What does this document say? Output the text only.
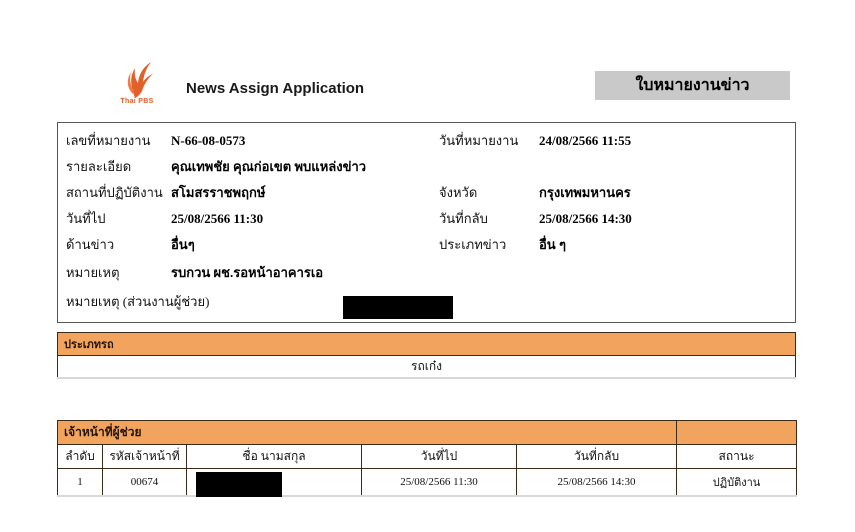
Thai PBS
News Assign Application	ใบหมายงานข่าว
เลขที่หมายงาน	N-66-08-0573	วันที่หมายงาน	24/08/2566 11:55
รายละเอียด	คุณเทพชัย คุณก่อเขต พบแหล่งข่าว
สถานที่ปฏิบัติงาน สโมสรราชพฤกษ์	จังหวัด	กรุงเทพมหานคร
วันที่ไป	25/08/2566 11:30	วันที่กลับ	25/08/2566 14:30
ด้านข่าว	อื่นๆ	ประเภทข่าว	อื่น ๆ
หมายเหตุ	รบกวน ผช.รอหน้าอาคารเอ
หมายเหตุ (ส่วนงานผู้ช่วย)
ประเภทรถ
รถเก๋ง
เจ้าหน้าที่ผู้ช่วย					
ลำดับ	รหัสเจ้าหน้าที่	ชื่อ นามสกุล	วันที่ไป	วันที่กลับ	สถานะ
1	00674		25/08/2566 11:30	25/08/2566 14:30	ปฏิบัติงาน
